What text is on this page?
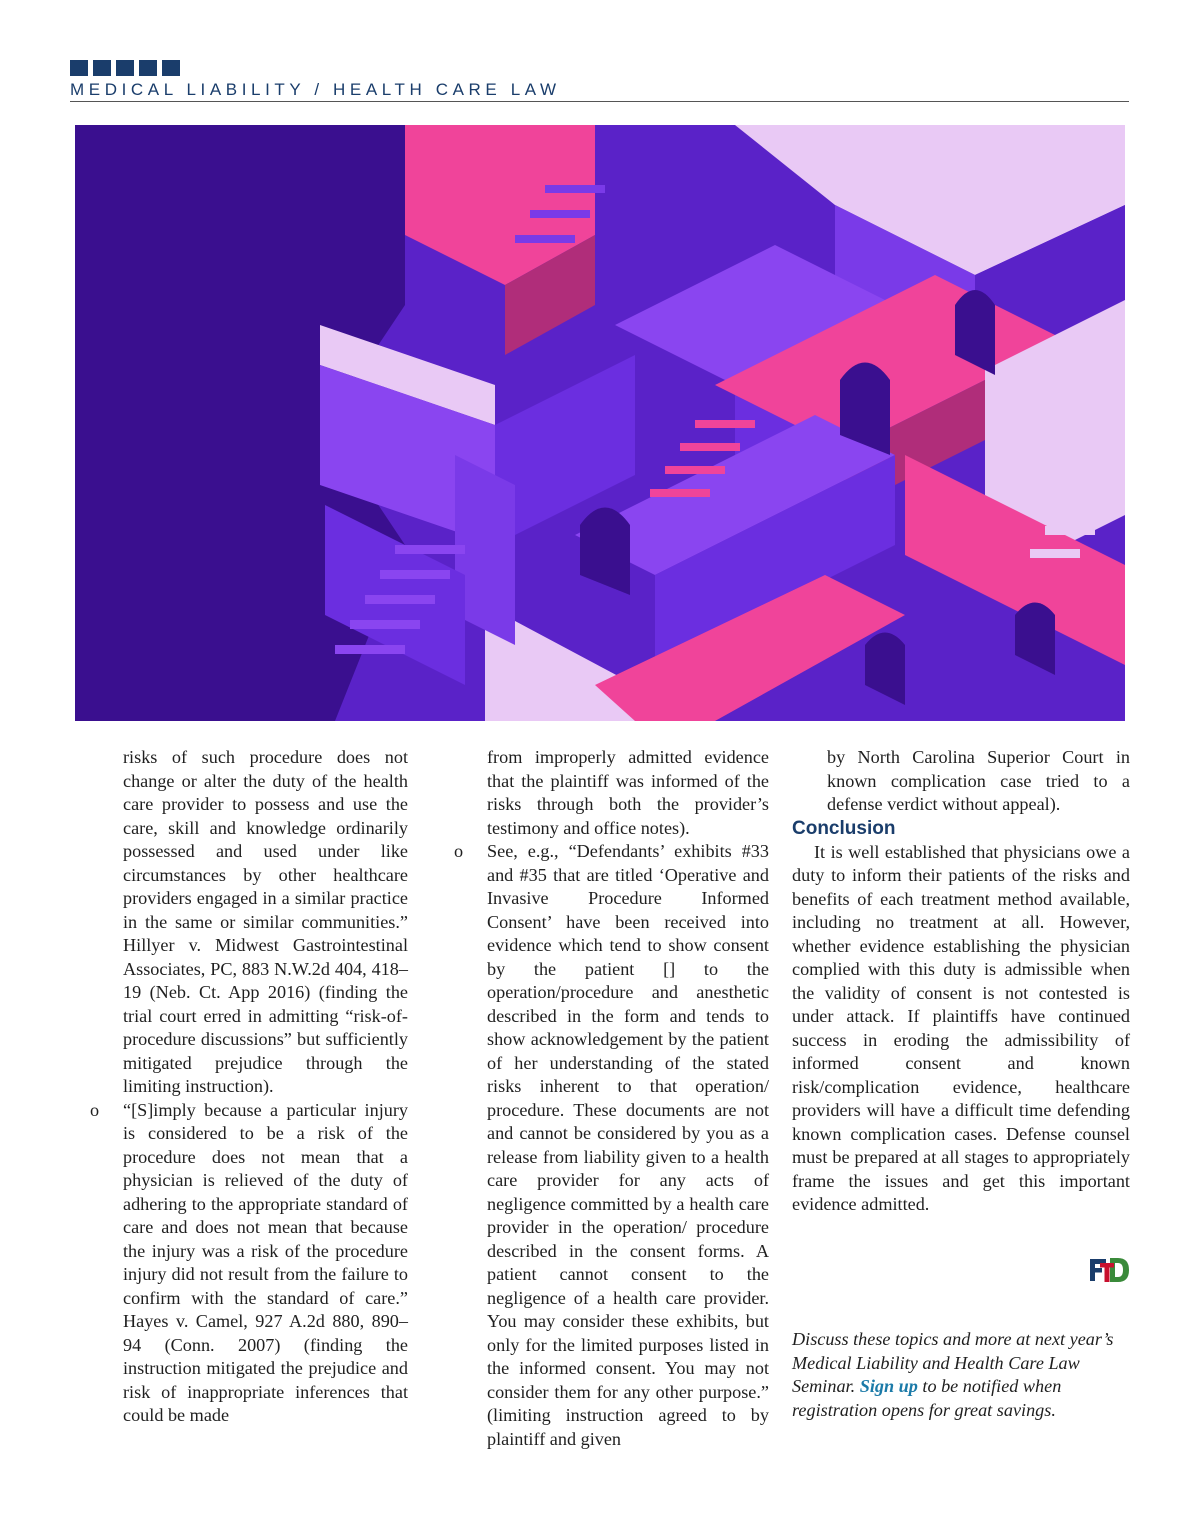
MEDICAL LIABILITY / HEALTH CARE LAW

risks of such procedure does not change or alter the duty of the health care provider to possess and use the care, skill and knowledge ordinarily possessed and used under like circumstances by other healthcare providers engaged in a similar practice in the same or similar communities.” Hillyer v. Midwest Gastrointestinal Associates, PC, 883 N.W.2d 404, 418–19 (Neb. Ct. App 2016) (finding the trial court erred in admitting “risk-of-procedure discussions” but sufficiently mitigated prejudice through the limiting instruction).

o “[S]imply because a particular injury is considered to be a risk of the procedure does not mean that a physician is relieved of the duty of adhering to the appropriate standard of care and does not mean that because the injury was a risk of the procedure injury did not result from the failure to confirm with the standard of care.” Hayes v. Camel, 927 A.2d 880, 890–94 (Conn. 2007) (finding the instruction mitigated the prejudice and risk of inappropriate inferences that could be made

from improperly admitted evidence that the plaintiff was informed of the risks through both the provider’s testimony and office notes).

o See, e.g., “Defendants’ exhibits #33 and #35 that are titled ‘Operative and Invasive Procedure Informed Consent’ have been received into evidence which tend to show consent by the patient [] to the operation/procedure and anesthetic described in the form and tends to show acknowledgement by the patient of her understanding of the stated risks inherent to that operation/ procedure. These documents are not and cannot be considered by you as a release from liability given to a health care provider for any acts of negligence committed by a health care provider in the operation/ procedure described in the consent forms. A patient cannot consent to the negligence of a health care provider. You may consider these exhibits, but only for the limited purposes listed in the informed consent. You may not consider them for any other purpose.” (limiting instruction agreed to by plaintiff and given

by North Carolina Superior Court in known complication case tried to a defense verdict without appeal).

Conclusion

It is well established that physicians owe a duty to inform their patients of the risks and benefits of each treatment method available, including no treatment at all. However, whether evidence establishing the physician complied with this duty is admissible when the validity of consent is not contested is under attack. If plaintiffs have continued success in eroding the admissibility of informed consent and known risk/complication evidence, healthcare providers will have a difficult time defending known complication cases. Defense counsel must be prepared at all stages to appropriately frame the issues and get this important evidence admitted.

Discuss these topics and more at next year’s Medical Liability and Health Care Law Seminar. Sign up to be notified when registration opens for great savings.
